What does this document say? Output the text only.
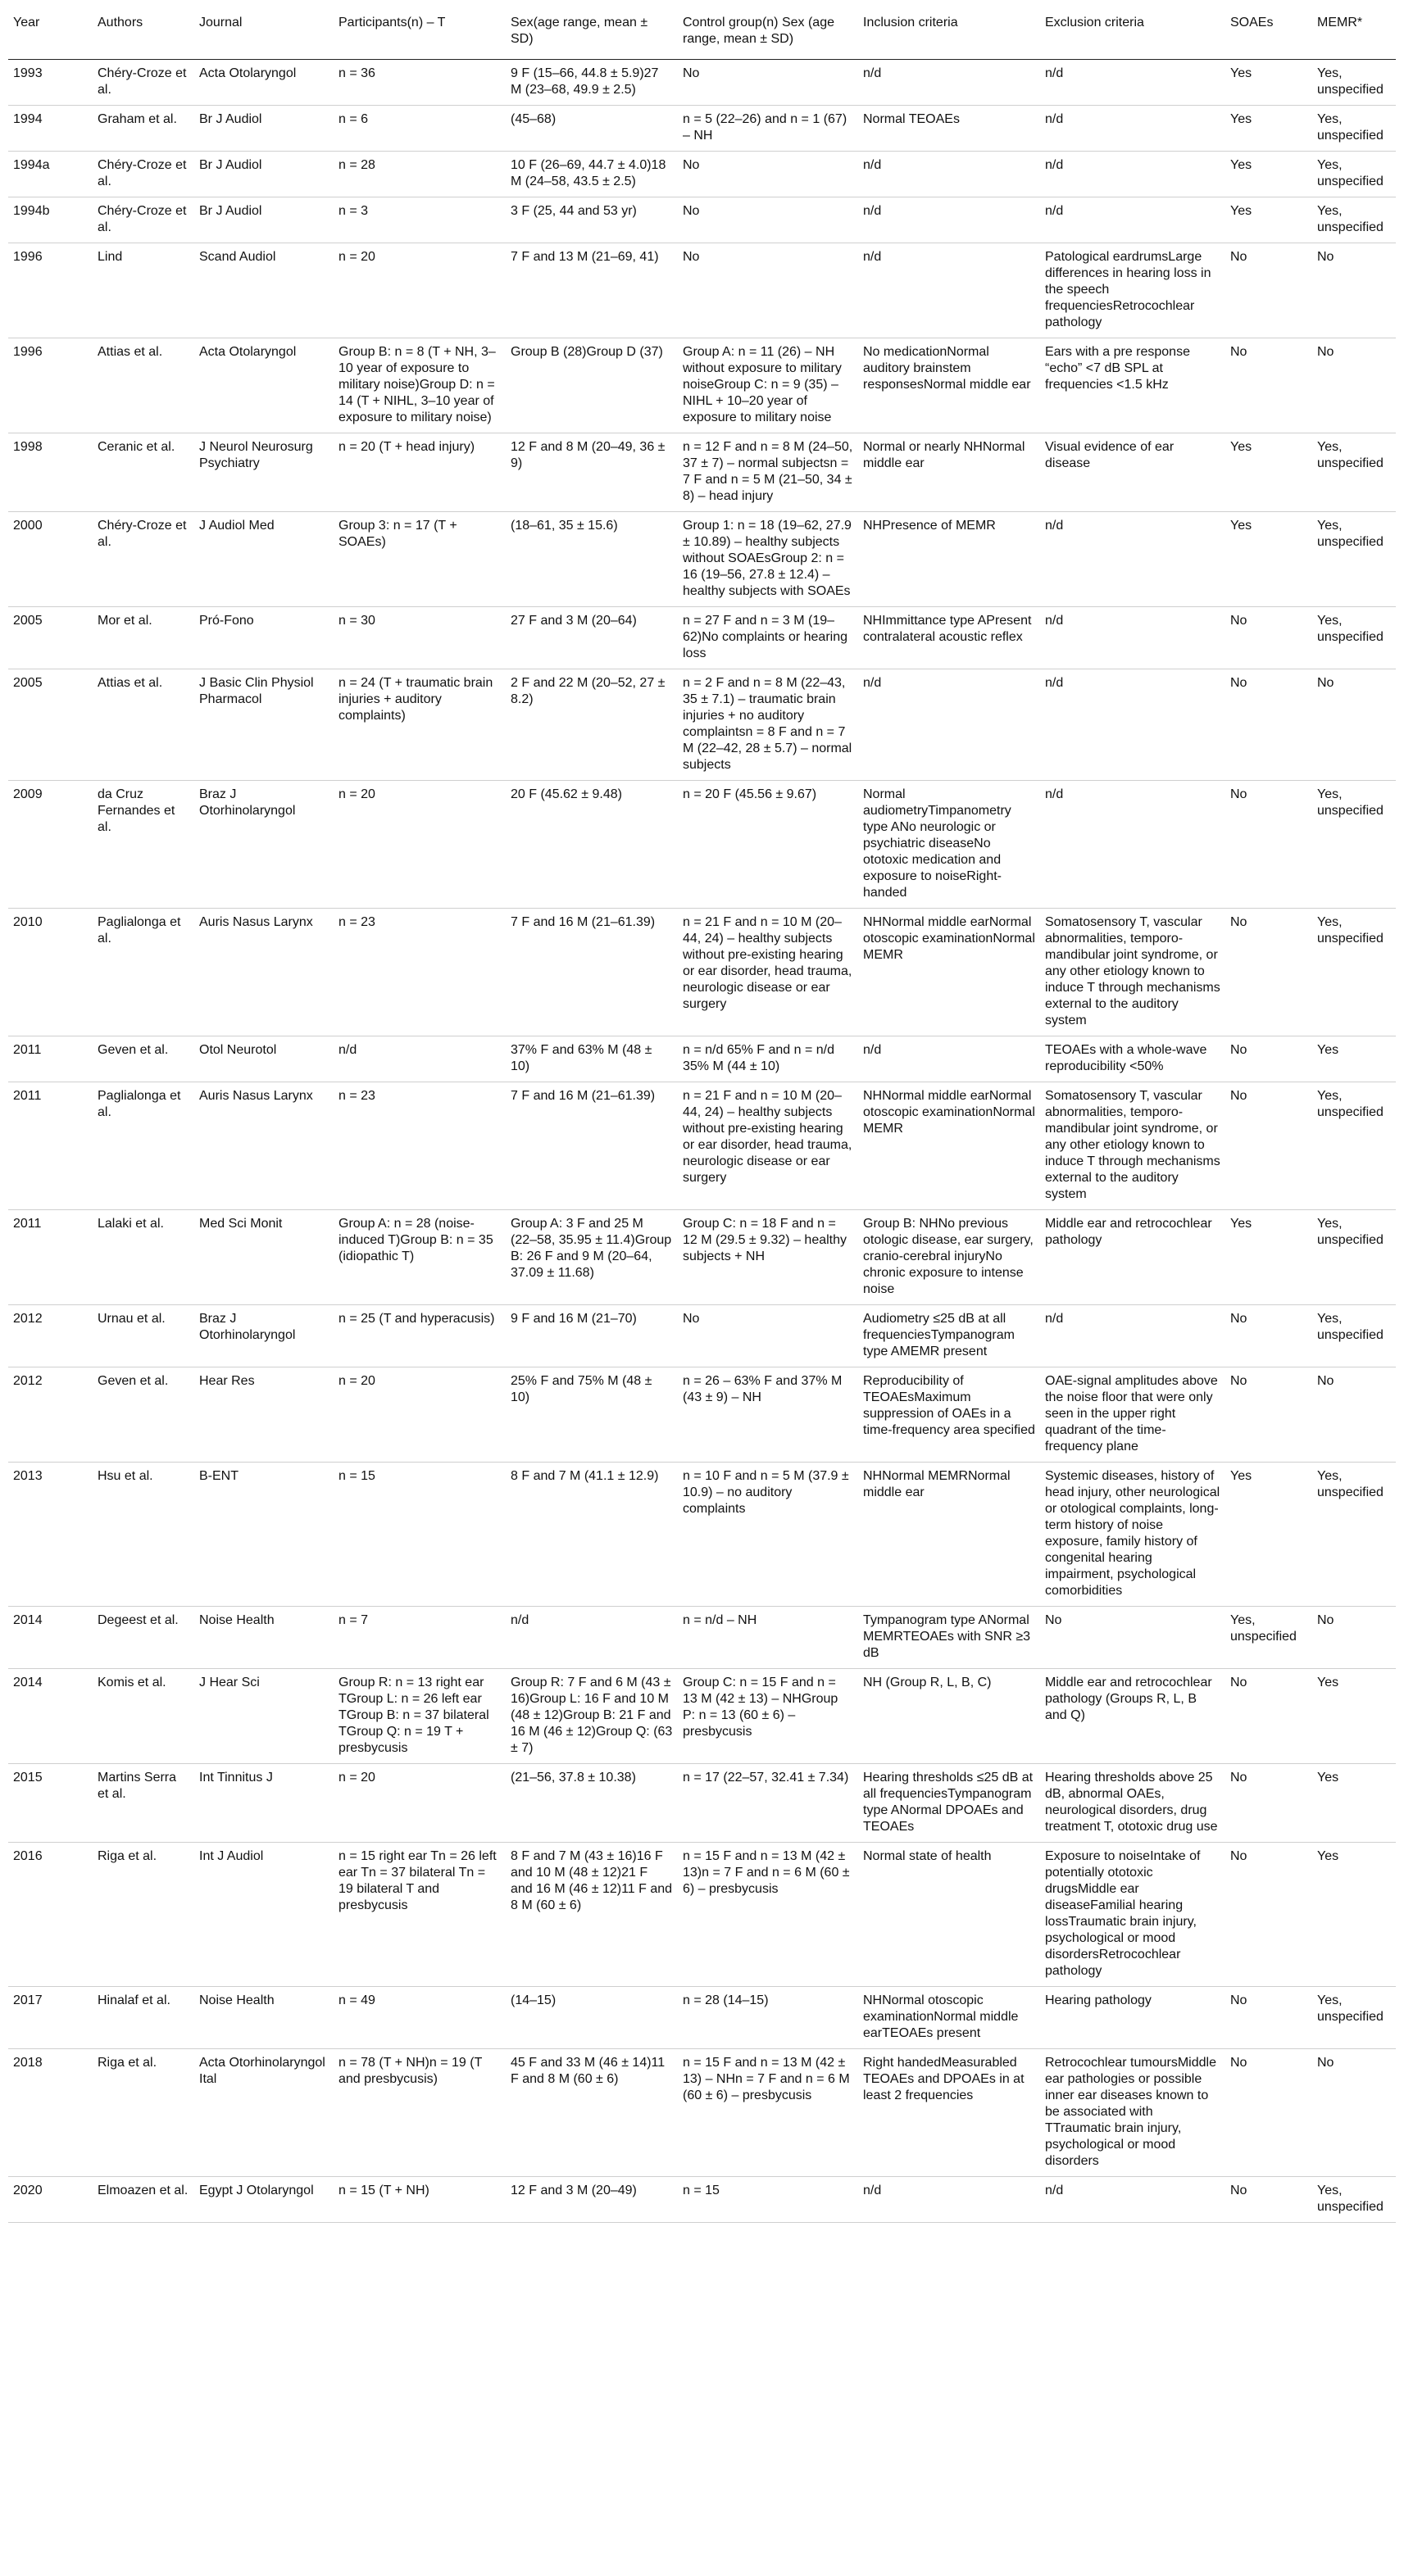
Year	Authors	Journal	Participants(n) – T	Sex(age range, mean ± SD)	Control group(n) Sex (age range, mean ± SD)	Inclusion criteria	Exclusion criteria	SOAEs	MEMR*
1993	Chéry-Croze et al.	Acta Otolaryngol	n = 36	9 F (15–66, 44.8 ± 5.9)27 M (23–68, 49.9 ± 2.5)	No	n/d	n/d	Yes	Yes, unspecified
1994	Graham et al.	Br J Audiol	n = 6	(45–68)	n = 5 (22–26) and n = 1 (67) – NH	Normal TEOAEs	n/d	Yes	Yes, unspecified
1994a	Chéry-Croze et al.	Br J Audiol	n = 28	10 F (26–69, 44.7 ± 4.0)18 M (24–58, 43.5 ± 2.5)	No	n/d	n/d	Yes	Yes, unspecified
1994b	Chéry-Croze et al.	Br J Audiol	n = 3	3 F (25, 44 and 53 yr)	No	n/d	n/d	Yes	Yes, unspecified
1996	Lind	Scand Audiol	n = 20	7 F and 13 M (21–69, 41)	No	n/d	Patological eardrumsLarge differences in hearing loss in the speech frequenciesRetrocochlear pathology	No	No
1996	Attias et al.	Acta Otolaryngol	Group B: n = 8 (T + NH, 3–10 year of exposure to military noise)Group D: n = 14 (T + NIHL, 3–10 year of exposure to military noise)	Group B (28)Group D (37)	Group A: n = 11 (26) – NH without exposure to military noiseGroup C: n = 9 (35) – NIHL + 10–20 year of exposure to military noise	No medicationNormal auditory brainstem responsesNormal middle ear	Ears with a pre response “echo” <7 dB SPL at frequencies <1.5 kHz	No	No
1998	Ceranic et al.	J Neurol Neurosurg Psychiatry	n = 20 (T + head injury)	12 F and 8 M (20–49, 36 ± 9)	n = 12 F and n = 8 M (24–50, 37 ± 7) – normal subjectsn = 7 F and n = 5 M (21–50, 34 ± 8) – head injury	Normal or nearly NHNormal middle ear	Visual evidence of ear disease	Yes	Yes, unspecified
2000	Chéry-Croze et al.	J Audiol Med	Group 3: n = 17 (T + SOAEs)	(18–61, 35 ± 15.6)	Group 1: n = 18 (19–62, 27.9 ± 10.89) – healthy subjects without SOAEsGroup 2: n = 16 (19–56, 27.8 ± 12.4) – healthy subjects with SOAEs	NHPresence of MEMR	n/d	Yes	Yes, unspecified
2005	Mor et al.	Pró-Fono	n = 30	27 F and 3 M (20–64)	n = 27 F and n = 3 M (19–62)No complaints or hearing loss	NHImmittance type APresent contralateral acoustic reflex	n/d	No	Yes, unspecified
2005	Attias et al.	J Basic Clin Physiol Pharmacol	n = 24 (T + traumatic brain injuries + auditory complaints)	2 F and 22 M (20–52, 27 ± 8.2)	n = 2 F and n = 8 M (22–43, 35 ± 7.1) – traumatic brain injuries + no auditory complaintsn = 8 F and n = 7 M (22–42, 28 ± 5.7) – normal subjects	n/d	n/d	No	No
2009	da Cruz Fernandes et al.	Braz J Otorhinolaryngol	n = 20	20 F (45.62 ± 9.48)	n = 20 F (45.56 ± 9.67)	Normal audiometryTimpanometry type ANo neurologic or psychiatric diseaseNo ototoxic medication and exposure to noiseRight-handed	n/d	No	Yes, unspecified
2010	Paglialonga et al.	Auris Nasus Larynx	n = 23	7 F and 16 M (21–61.39)	n = 21 F and n = 10 M (20–44, 24) – healthy subjects without pre-existing hearing or ear disorder, head trauma, neurologic disease or ear surgery	NHNormal middle earNormal otoscopic examinationNormal MEMR	Somatosensory T, vascular abnormalities, temporo-mandibular joint syndrome, or any other etiology known to induce T through mechanisms external to the auditory system	No	Yes, unspecified
2011	Geven et al.	Otol Neurotol	n/d	37% F and 63% M (48 ± 10)	n = n/d 65% F and n = n/d 35% M (44 ± 10)	n/d	TEOAEs with a whole-wave reproducibility <50%	No	Yes
2011	Paglialonga et al.	Auris Nasus Larynx	n = 23	7 F and 16 M (21–61.39)	n = 21 F and n = 10 M (20–44, 24) – healthy subjects without pre-existing hearing or ear disorder, head trauma, neurologic disease or ear surgery	NHNormal middle earNormal otoscopic examinationNormal MEMR	Somatosensory T, vascular abnormalities, temporo-mandibular joint syndrome, or any other etiology known to induce T through mechanisms external to the auditory system	No	Yes, unspecified
2011	Lalaki et al.	Med Sci Monit	Group A: n = 28 (noise-induced T)Group B: n = 35 (idiopathic T)	Group A: 3 F and 25 M (22–58, 35.95 ± 11.4)Group B: 26 F and 9 M (20–64, 37.09 ± 11.68)	Group C: n = 18 F and n = 12 M (29.5 ± 9.32) – healthy subjects + NH	Group B: NHNo previous otologic disease, ear surgery, cranio-cerebral injuryNo chronic exposure to intense noise	Middle ear and retrocochlear pathology	Yes	Yes, unspecified
2012	Urnau et al.	Braz J Otorhinolaryngol	n = 25 (T and hyperacusis)	9 F and 16 M (21–70)	No	Audiometry ≤25 dB at all frequenciesTympanogram type AMEMR present	n/d	No	Yes, unspecified
2012	Geven et al.	Hear Res	n = 20	25% F and 75% M (48 ± 10)	n = 26 – 63% F and 37% M (43 ± 9) – NH	Reproducibility of TEOAEsMaximum suppression of OAEs in a time-frequency area specified	OAE-signal amplitudes above the noise floor that were only seen in the upper right quadrant of the time-frequency plane	No	No
2013	Hsu et al.	B-ENT	n = 15	8 F and 7 M (41.1 ± 12.9)	n = 10 F and n = 5 M (37.9 ± 10.9) – no auditory complaints	NHNormal MEMRNormal middle ear	Systemic diseases, history of head injury, other neurological or otological complaints, long-term history of noise exposure, family history of congenital hearing impairment, psychological comorbidities	Yes	Yes, unspecified
2014	Degeest et al.	Noise Health	n = 7	n/d	n = n/d – NH	Tympanogram type ANormal MEMRTEOAEs with SNR ≥3 dB	No	Yes, unspecified	No
2014	Komis et al.	J Hear Sci	Group R: n = 13 right ear TGroup L: n = 26 left ear TGroup B: n = 37 bilateral TGroup Q: n = 19 T + presbycusis	Group R: 7 F and 6 M (43 ± 16)Group L: 16 F and 10 M (48 ± 12)Group B: 21 F and 16 M (46 ± 12)Group Q: (63 ± 7)	Group C: n = 15 F and n = 13 M (42 ± 13) – NHGroup P: n = 13 (60 ± 6) – presbycusis	NH (Group R, L, B, C)	Middle ear and retrocochlear pathology (Groups R, L, B and Q)	No	Yes
2015	Martins Serra et al.	Int Tinnitus J	n = 20	(21–56, 37.8 ± 10.38)	n = 17 (22–57, 32.41 ± 7.34)	Hearing thresholds ≤25 dB at all frequenciesTympanogram type ANormal DPOAEs and TEOAEs	Hearing thresholds above 25 dB, abnormal OAEs, neurological disorders, drug treatment T, ototoxic drug use	No	Yes
2016	Riga et al.	Int J Audiol	n = 15 right ear Tn = 26 left ear Tn = 37 bilateral Tn = 19 bilateral T and presbycusis	8 F and 7 M (43 ± 16)16 F and 10 M (48 ± 12)21 F and 16 M (46 ± 12)11 F and 8 M (60 ± 6)	n = 15 F and n = 13 M (42 ± 13)n = 7 F and n = 6 M (60 ± 6) – presbycusis	Normal state of health	Exposure to noiseIntake of potentially ototoxic drugsMiddle ear diseaseFamilial hearing lossTraumatic brain injury, psychological or mood disordersRetrocochlear pathology	No	Yes
2017	Hinalaf et al.	Noise Health	n = 49	(14–15)	n = 28 (14–15)	NHNormal otoscopic examinationNormal middle earTEOAEs present	Hearing pathology	No	Yes, unspecified
2018	Riga et al.	Acta Otorhinolaryngol Ital	n = 78 (T + NH)n = 19 (T and presbycusis)	45 F and 33 M (46 ± 14)11 F and 8 M (60 ± 6)	n = 15 F and n = 13 M (42 ± 13) – NHn = 7 F and n = 6 M (60 ± 6) – presbycusis	Right handedMeasurabled TEOAEs and DPOAEs in at least 2 frequencies	Retrocochlear tumoursMiddle ear pathologies or possible inner ear diseases known to be associated with TTraumatic brain injury, psychological or mood disorders	No	No
2020	Elmoazen et al.	Egypt J Otolaryngol	n = 15 (T + NH)	12 F and 3 M (20–49)	n = 15	n/d	n/d	No	Yes, unspecified
